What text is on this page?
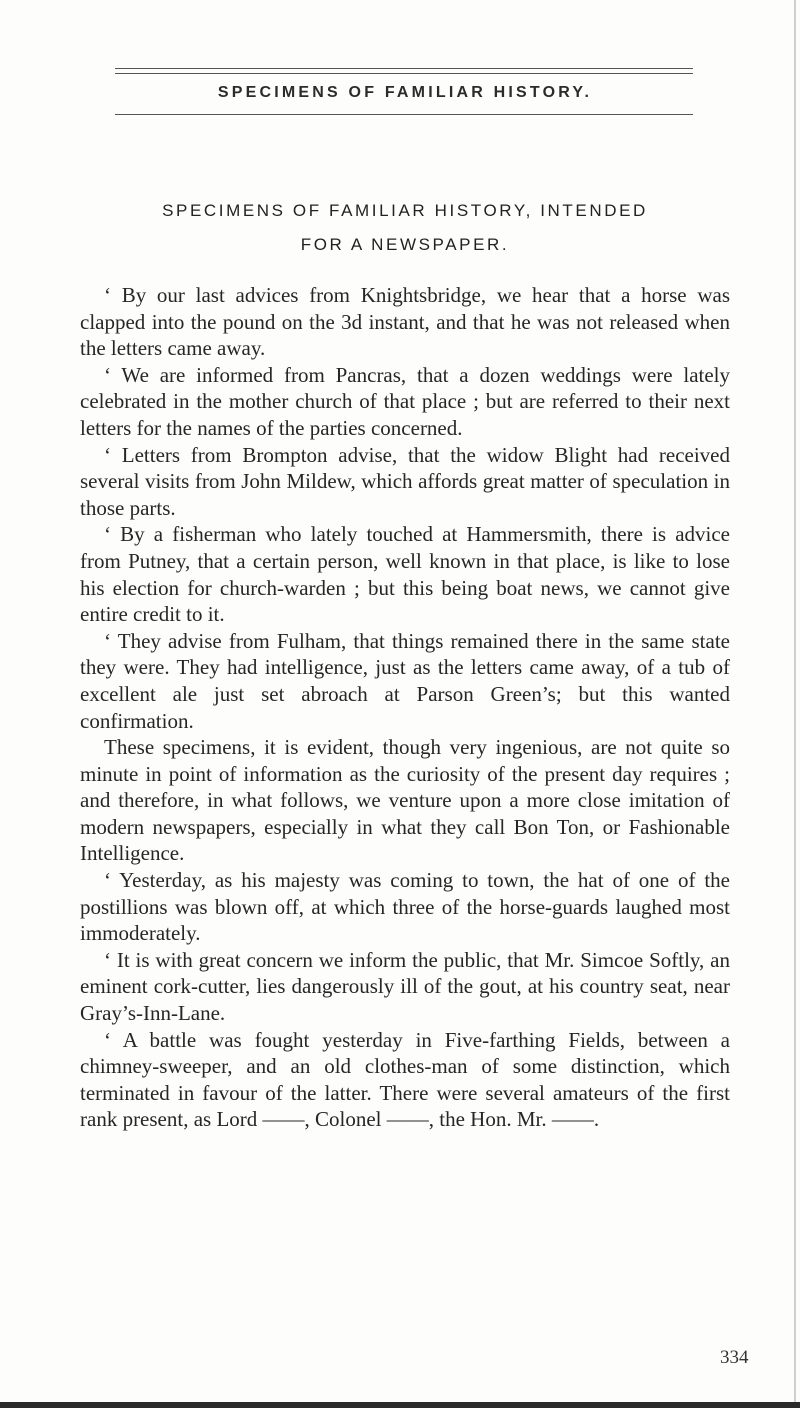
SPECIMENS OF FAMILIAR HISTORY.
SPECIMENS OF FAMILIAR HISTORY, INTENDED
FOR A NEWSPAPER.

‘ By our last advices from Knightsbridge, we hear that a horse was clapped into the pound on the 3d instant, and that he was not released when the letters came away.

‘ We are informed from Pancras, that a dozen weddings were lately celebrated in the mother church of that place ; but are referred to their next letters for the names of the parties concerned.

‘ Letters from Brompton advise, that the widow Blight had received several visits from John Mildew, which affords great matter of speculation in those parts.

‘ By a fisherman who lately touched at Hammersmith, there is advice from Putney, that a certain person, well known in that place, is like to lose his election for church-warden ; but this being boat news, we cannot give entire credit to it.

‘ They advise from Fulham, that things remained there in the same state they were. They had intelligence, just as the letters came away, of a tub of excellent ale just set abroach at Parson Green’s; but this wanted confirmation.

These specimens, it is evident, though very ingenious, are not quite so minute in point of information as the curiosity of the present day requires ; and therefore, in what follows, we venture upon a more close imitation of modern newspapers, especially in what they call Bon Ton, or Fashionable Intelligence.

‘ Yesterday, as his majesty was coming to town, the hat of one of the postillions was blown off, at which three of the horse-guards laughed most immoderately.

‘ It is with great concern we inform the public, that Mr. Simcoe Softly, an eminent cork-cutter, lies dangerously ill of the gout, at his country seat, near Gray’s-Inn-Lane.

‘ A battle was fought yesterday in Five-farthing Fields, between a chimney-sweeper, and an old clothes-man of some distinction, which terminated in favour of the latter. There were several amateurs of the first rank present, as Lord ——, Colonel ——, the Hon. Mr. ——.

334
